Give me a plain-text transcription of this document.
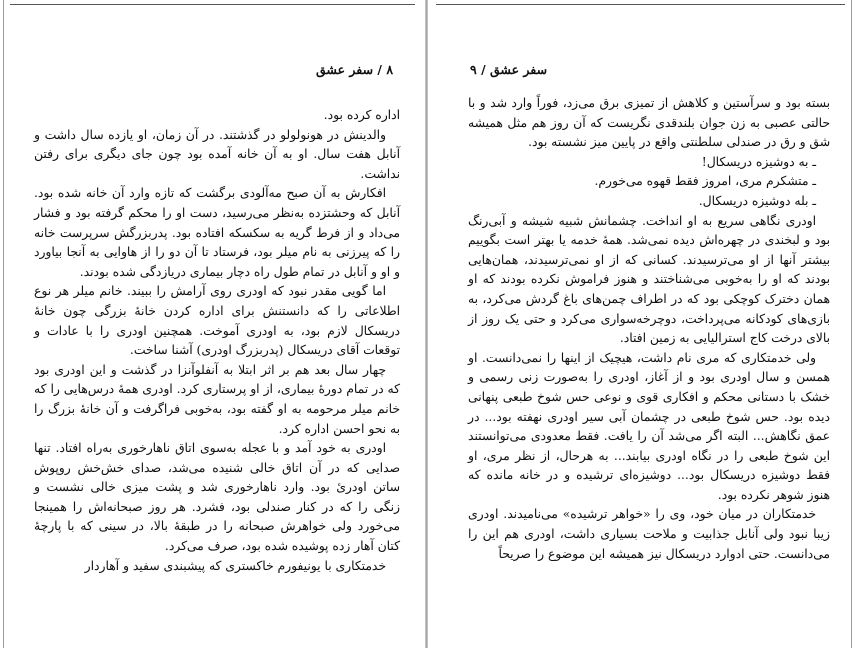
۸ / سفر عشق

اداره کرده بود.

والدینش در هونولولو در گذشتند. در آن زمان، او یازده سال داشت و آنابل هفت سال. او به آن خانه آمده بود چون جای دیگری برای رفتن نداشت.

افکارش به آن صبح مه‌آلودی برگشت که تازه وارد آن خانه شده بود. آنابل که وحشتزده به‌نظر می‌رسید، دست او را محکم گرفته بود و فشار می‌داد و از فرط گریه به سکسکه افتاده بود. پدربزرگش سرپرست خانه را که پیرزنی به نام میلر بود، فرستاد تا آن دو را از هاوایی به آنجا بیاورد و او و آنابل در تمام طول راه دچار بیماری دریازدگی شده بودند.

اما گویی مقدر نبود که اودری روی آرامش را ببیند. خانم میلر هر نوع اطلاعاتی را که دانستنش برای اداره کردن خانهٔ بزرگی چون خانهٔ دریسکال لازم بود، به اودری آموخت. همچنین اودری را با عادات و توقعات آقای دریسکال (پدربزرگ اودری) آشنا ساخت.

چهار سال بعد هم بر اثر ابتلا به آنفلوآنزا در گذشت و این اودری بود که در تمام دورهٔ بیماری، از او پرستاری کرد. اودری همهٔ درس‌هایی را که خانم میلر مرحومه به او گفته بود، به‌خوبی فراگرفت و آن خانهٔ بزرگ را به نحو احسن اداره کرد.

اودری به خود آمد و با عجله به‌سوی اتاق ناهارخوری به‌راه افتاد. تنها صدایی که در آن اتاق خالی شنیده می‌شد، صدای خش‌خش روپوش ساتن اودریٔ بود. وارد ناهارخوری شد و پشت میزی خالی نشست و زنگی را که در کنار صندلی بود، فشرد. هر روز صبحانه‌اش را همینجا می‌خورد ولی خواهرش صبحانه را در طبقهٔ بالا، در سینی که با پارچهٔ کتان آهار زده پوشیده شده بود، صرف می‌کرد.

خدمتکاری با یونیفورم خاکستری که پیشبندی سفید و آهاردار

سفر عشق / ۹

بسته بود و سرآستین و کلاهش از تمیزی برق می‌زد، فوراً وارد شد و با حالتی عصبی به زن جوان بلندقدی نگریست که آن روز هم مثل همیشه شق و رق در صندلی سلطنتی واقع در پایین میز نشسته بود.

ـ به دوشیزه دریسکال!

ـ متشکرم مری، امروز فقط قهوه می‌خورم.

ـ بله دوشیزه دریسکال.

اودری نگاهی سریع به او انداخت. چشمانش شبیه شیشه و آبی‌رنگ بود و لبخندی در چهره‌اش دیده نمی‌شد. همهٔ خدمه یا بهتر است بگوییم بیشتر آنها از او می‌ترسیدند. کسانی که از او نمی‌ترسیدند، همان‌هایی بودند که او را به‌خوبی می‌شناختند و هنوز فراموش نکرده بودند که او همان دخترک کوچکی بود که در اطراف چمن‌های باغ گردش می‌کرد، به بازی‌های کودکانه می‌پرداخت، دوچرخه‌سواری می‌کرد و حتی یک روز از بالای درخت کاج استرالیایی به زمین افتاد.

ولی خدمتکاری که مری نام داشت، هیچیک از اینها را نمی‌دانست. او همسن و سال اودری بود و از آغاز، اودری را به‌صورت زنی رسمی و خشک با دستانی محکم و افکاری قوی و نوعی حس شوخ طبعی پنهانی دیده بود. حس شوخ طبعی در چشمان آبی سیر اودری نهفته بود... در عمق نگاهش... البته اگر می‌شد آن را یافت. فقط معدودی می‌توانستند این شوخ طبعی را در نگاه اودری بیابند... به هرحال، از نظر مری، او فقط دوشیزه دریسکال بود... دوشیزه‌ای ترشیده و در خانه مانده که هنوز شوهر نکرده بود.

خدمتکاران در میان خود، وی را «خواهر ترشیده» می‌نامیدند. اودری زیبا نبود ولی آنابل جذابیت و ملاحت بسیاری داشت، اودری هم این را می‌دانست. حتی ادوارد دریسکال نیز همیشه این موضوع را صریحاً
